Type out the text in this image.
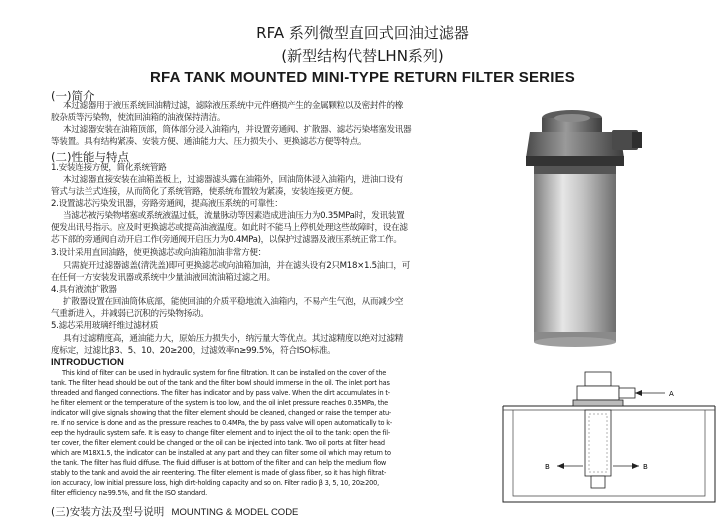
RFA 系列微型直回式回油过滤器
(新型结构代替LHN系列)
RFA TANK MOUNTED MINI-TYPE RETURN FILTER SERIES
(一)简介
本过滤器用于液压系统回油精过滤，滤除液压系统中元件磨损产生的金属颗粒以及密封件的橡
胶杂质等污染物，使流回油箱的油液保持清洁。
本过滤器安装在油箱顶部，筒体部分浸入油箱内，并设置旁通阀、扩散器、滤芯污染堵塞发讯器
等装置。具有结构紧凑、安装方便、通油能力大、压力损失小、更换滤芯方便等特点。
(二)性能与特点
1.安装连接方便，简化系统管路
本过滤器直接安装在油箱盖板上，过滤器滤头露在油箱外，回油筒体浸入油箱内，进油口设有
管式与法兰式连接，从而简化了系统管路，使系统布置较为紧凑，安装连接更方便。
2.设置滤芯污染发讯器，旁路旁通阀，提高液压系统的可靠性：
当滤芯被污染物堵塞或系统液温过低，流量脉动等因素造成进油压力为0.35MPa时，发讯装置
便发出讯号指示。应及时更换滤芯或提高油液温度。如此时不能马上停机处理这些故障时，设在滤
芯下部的旁通阀自动开启工作(旁通阀开启压力为0.4MPa)，以保护过滤器及液压系统正常工作。
3.设计采用直回油路，使更换滤芯或向油箱加油非常方便：
只需旋开过滤器滤盖(清洗盖)即可更换滤芯或向油箱加油，并在滤头设有2只M18×1.5油口，可
在任何一方安装发讯器或系统中少量油液回流油箱过滤之用。
4.具有液流扩散器
扩散器设置在回油筒体底部，能使回油的介质平稳地流入油箱内，不易产生气泡，从而减少空
气重新进入，并减弱已沉积的污染物扬动。
5.滤芯采用玻璃纤维过滤材质
具有过滤精度高，通油能力大，原始压力损失小，纳污量大等优点。其过滤精度以绝对过滤精
度标定，过滤比β3、5、10、20≥200，过滤效率n≥99.5%，符合ISO标准。
A
B	B
INTRODUCTION
This kind of filter can be used in hydraulic system for fine filtration. It can be installed on the cover of the
tank. The filter head should be out of the tank and the filter bowl should immerse in the oil. The inlet port has
threaded and flanged connections. The filter has indicator and by pass valve. When the dirt accumulates in t-
he filter element or the temperature of the system is too low, and the oil inlet pressure reaches 0.35MPa, the
indicator will give signals showing that the filter element should be cleaned, changed or raise the temper atu-
re. If no service is done and as the pressure reaches to 0.4MPa, the by pass valve will open automatically to k-
eep the hydraulic system safe. It is easy to change filter element and to inject the oil to the tank: open the fil-
ter cover, the filter element could be changed or the oil can be injected into tank. Two oil ports at filter head
which are M18X1.5, the indicator can be installed at any part and they can filter some oil which may return to
the tank. The filter has fluid diffuse. The fluid diffuser is at bottom of the filter and can help the medium flow
stably to the tank and avoid the air reentering. The filter element is made of glass fiber, so it has high filtrat-
ion accuracy, low initial pressure loss, high dirt-holding capacity and so on. Filter radio β 3, 5, 10, 20≥200,
filter efficiency n≥99.5%, and fit the ISO standard.
(三)安装方法及型号说明 MOUNTING & MODEL CODE
